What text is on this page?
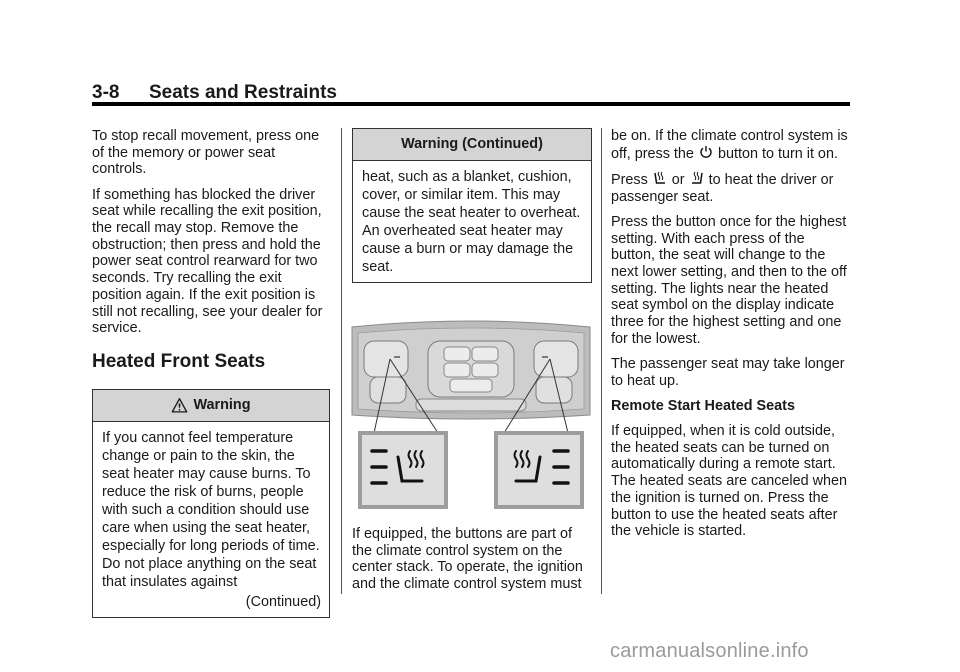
3-8 Seats and Restraints

To stop recall movement, press one of the memory or power seat controls.

If something has blocked the driver seat while recalling the exit position, the recall may stop. Remove the obstruction; then press and hold the power seat control rearward for two seconds. Try recalling the exit position again. If the exit position is still not recalling, see your dealer for service.

Heated Front Seats
Warning
If you cannot feel temperature change or pain to the skin, the seat heater may cause burns. To reduce the risk of burns, people with such a condition should use care when using the seat heater, especially for long periods of time. Do not place anything on the seat that insulates against
(Continued)
Warning (Continued)
heat, such as a blanket, cushion, cover, or similar item. This may cause the seat heater to overheat. An overheated seat heater may cause a burn or may damage the seat.

If equipped, the buttons are part of the climate control system on the center stack. To operate, the ignition and the climate control system must

be on. If the climate control system is off, press the button to turn it on.

Press or to heat the driver or passenger seat.

Press the button once for the highest setting. With each press of the button, the seat will change to the next lower setting, and then to the off setting. The lights near the heated seat symbol on the display indicate three for the highest setting and one for the lowest.

The passenger seat may take longer to heat up.

Remote Start Heated Seats

If equipped, when it is cold outside, the heated seats can be turned on automatically during a remote start. The heated seats are canceled when the ignition is turned on. Press the button to use the heated seats after the vehicle is started.

carmanualsonline.info
